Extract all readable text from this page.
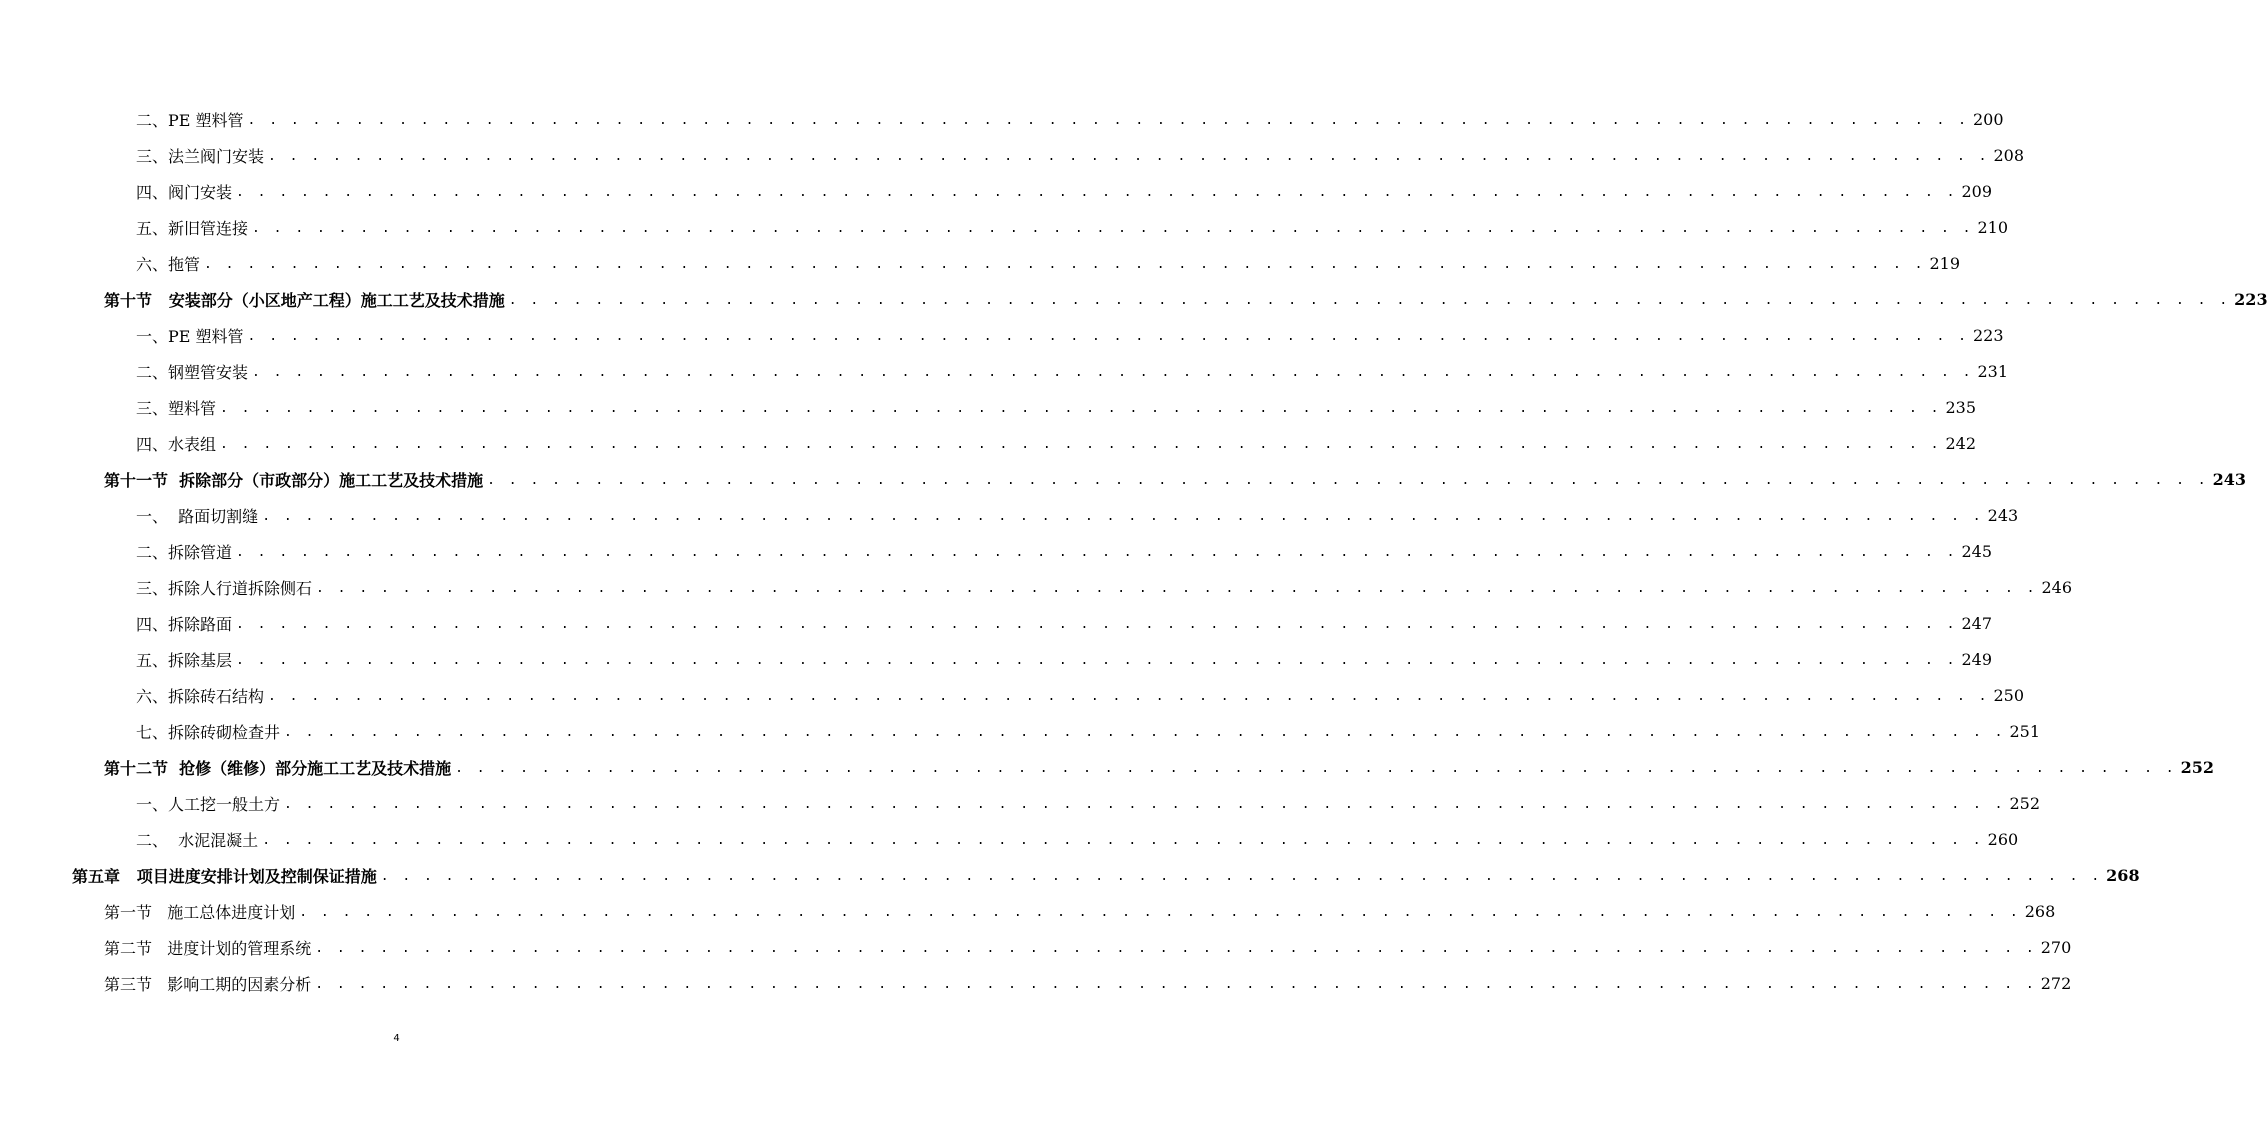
二、PE 塑料管 . . . . . . . . . . . . . . . . . . . . . . . . . . . . . . . . . . . . . . . . . . . . . . . . . . . . . . . . . . . . . . . . . . . . . . . . . . . . . . . . 200
三、法兰阀门安装 . . . . . . . . . . . . . . . . . . . . . . . . . . . . . . . . . . . . . . . . . . . . . . . . . . . . . . . . . . . . . . . . . . . . . . . . . . . . . . . . 208
四、阀门安装 . . . . . . . . . . . . . . . . . . . . . . . . . . . . . . . . . . . . . . . . . . . . . . . . . . . . . . . . . . . . . . . . . . . . . . . . . . . . . . . . 209
五、新旧管连接 . . . . . . . . . . . . . . . . . . . . . . . . . . . . . . . . . . . . . . . . . . . . . . . . . . . . . . . . . . . . . . . . . . . . . . . . . . . . . . . . 210
六、拖管 . . . . . . . . . . . . . . . . . . . . . . . . . . . . . . . . . . . . . . . . . . . . . . . . . . . . . . . . . . . . . . . . . . . . . . . . . . . . . . . . 219
第十节   安装部分（小区地产工程）施工工艺及技术措施 . . . . . . . . . . . . . . . . . . . . . . . . . . . . . . . . . . . . . . . . . . . . . . . . . . . . . . . . . . . . . . . . . . . . . . . . . . . . . . . . 223
一、PE 塑料管 . . . . . . . . . . . . . . . . . . . . . . . . . . . . . . . . . . . . . . . . . . . . . . . . . . . . . . . . . . . . . . . . . . . . . . . . . . . . . . . . 223
二、钢塑管安装 . . . . . . . . . . . . . . . . . . . . . . . . . . . . . . . . . . . . . . . . . . . . . . . . . . . . . . . . . . . . . . . . . . . . . . . . . . . . . . . . 231
三、塑料管 . . . . . . . . . . . . . . . . . . . . . . . . . . . . . . . . . . . . . . . . . . . . . . . . . . . . . . . . . . . . . . . . . . . . . . . . . . . . . . . . 235
四、水表组 . . . . . . . . . . . . . . . . . . . . . . . . . . . . . . . . . . . . . . . . . . . . . . . . . . . . . . . . . . . . . . . . . . . . . . . . . . . . . . . . 242
第十一节  拆除部分（市政部分）施工工艺及技术措施 . . . . . . . . . . . . . . . . . . . . . . . . . . . . . . . . . . . . . . . . . . . . . . . . . . . . . . . . . . . . . . . . . . . . . . . . . . . . . . . . 243
一、  路面切割缝 . . . . . . . . . . . . . . . . . . . . . . . . . . . . . . . . . . . . . . . . . . . . . . . . . . . . . . . . . . . . . . . . . . . . . . . . . . . . . . . . 243
二、拆除管道 . . . . . . . . . . . . . . . . . . . . . . . . . . . . . . . . . . . . . . . . . . . . . . . . . . . . . . . . . . . . . . . . . . . . . . . . . . . . . . . . 245
三、拆除人行道拆除侧石 . . . . . . . . . . . . . . . . . . . . . . . . . . . . . . . . . . . . . . . . . . . . . . . . . . . . . . . . . . . . . . . . . . . . . . . . . . . . . . . . 246
四、拆除路面 . . . . . . . . . . . . . . . . . . . . . . . . . . . . . . . . . . . . . . . . . . . . . . . . . . . . . . . . . . . . . . . . . . . . . . . . . . . . . . . . 247
五、拆除基层 . . . . . . . . . . . . . . . . . . . . . . . . . . . . . . . . . . . . . . . . . . . . . . . . . . . . . . . . . . . . . . . . . . . . . . . . . . . . . . . . 249
六、拆除砖石结构 . . . . . . . . . . . . . . . . . . . . . . . . . . . . . . . . . . . . . . . . . . . . . . . . . . . . . . . . . . . . . . . . . . . . . . . . . . . . . . . . 250
七、拆除砖砌检查井 . . . . . . . . . . . . . . . . . . . . . . . . . . . . . . . . . . . . . . . . . . . . . . . . . . . . . . . . . . . . . . . . . . . . . . . . . . . . . . . . 251
第十二节  抢修（维修）部分施工工艺及技术措施 . . . . . . . . . . . . . . . . . . . . . . . . . . . . . . . . . . . . . . . . . . . . . . . . . . . . . . . . . . . . . . . . . . . . . . . . . . . . . . . . 252
一、人工挖一般土方 . . . . . . . . . . . . . . . . . . . . . . . . . . . . . . . . . . . . . . . . . . . . . . . . . . . . . . . . . . . . . . . . . . . . . . . . . . . . . . . . 252
二、  水泥混凝土 . . . . . . . . . . . . . . . . . . . . . . . . . . . . . . . . . . . . . . . . . . . . . . . . . . . . . . . . . . . . . . . . . . . . . . . . . . . . . . . . 260
第五章   项目进度安排计划及控制保证措施 . . . . . . . . . . . . . . . . . . . . . . . . . . . . . . . . . . . . . . . . . . . . . . . . . . . . . . . . . . . . . . . . . . . . . . . . . . . . . . . . 268
第一节   施工总体进度计划 . . . . . . . . . . . . . . . . . . . . . . . . . . . . . . . . . . . . . . . . . . . . . . . . . . . . . . . . . . . . . . . . . . . . . . . . . . . . . . . . 268
第二节   进度计划的管理系统 . . . . . . . . . . . . . . . . . . . . . . . . . . . . . . . . . . . . . . . . . . . . . . . . . . . . . . . . . . . . . . . . . . . . . . . . . . . . . . . . 270
第三节   影响工期的因素分析 . . . . . . . . . . . . . . . . . . . . . . . . . . . . . . . . . . . . . . . . . . . . . . . . . . . . . . . . . . . . . . . . . . . . . . . . . . . . . . . . 272
4
